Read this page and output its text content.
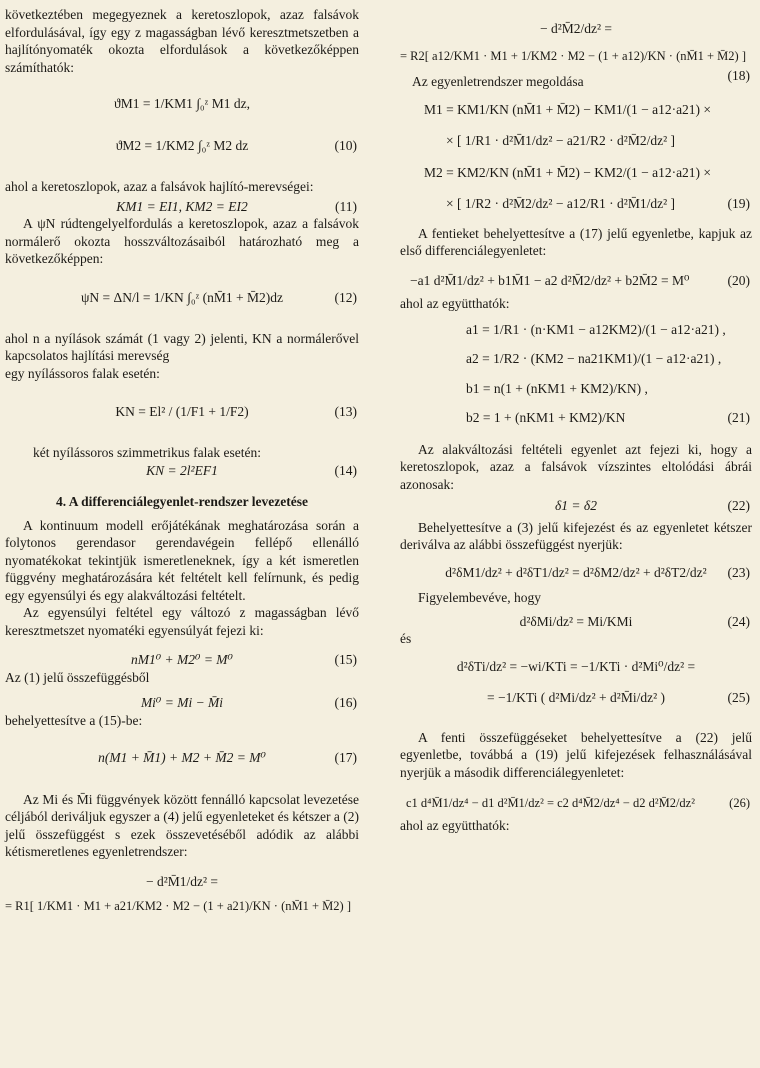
következtében megegyeznek a keretoszlopok, azaz falsávok elfordulásával, így egy z magasságban lévő keresztmetszetben a hajlítónyomaték okozta elfordulások a következőképpen számíthatók:

ϑM1 = 1/KM1 ∫₀ᶻ M1 dz,
ϑM2 = 1/KM2 ∫₀ᶻ M2 dz	(10)

ahol a keretoszlopok, azaz a falsávok hajlító-merevségei:

KM1 = EI1, KM2 = EI2	(11)

A ψN rúdtengelyelfordulás a keretoszlopok, azaz a falsávok normálerő okozta hosszváltozásaiból határozható meg a következőképpen:

ψN = ΔN/l = 1/KN ∫₀ᶻ (nM̄1 + M̄2)dz	(12)

ahol n a nyílások számát (1 vagy 2) jelenti, KN a normálerővel kapcsolatos hajlítási merevség

egy nyílássoros falak esetén:

KN = El² / (1/F1 + 1/F2)	(13)

két nyílássoros szimmetrikus falak esetén:

KN = 2l²EF1	(14)

4. A differenciálegyenlet-rendszer levezetése

A kontinuum modell erőjátékának meghatározása során a folytonos gerendasor gerendavégein fellépő ellenálló nyomatékokat tekintjük ismeretleneknek, így a két ismeretlen függvény meghatározására két feltételt kell felírnunk, és pedig egy egyensúlyi és egy alakváltozási feltételt.

Az egyensúlyi feltétel egy változó z magasságban lévő keresztmetszet nyomatéki egyensúlyát fejezi ki:

nM1⁰ + M2⁰ = M⁰	(15)

Az (1) jelű összefüggésből

Mi⁰ = Mi − M̄i	(16)

behelyettesítve a (15)-be:

n(M1 + M̄1) + M2 + M̄2 = M⁰	(17)

Az Mi és M̄i függvények között fennálló kapcsolat levezetése céljából deriváljuk egyszer a (4) jelű egyenleteket és kétszer a (2) jelű összefüggést s ezek összevetéséből adódik az alábbi kétismeretlenes egyenletrendszer:

− d²M̄1/dz² =
= R1[ 1/KM1 · M1 + a21/KM2 · M2 − (1 + a21)/KN · (nM̄1 + M̄2) ]
− d²M̄2/dz² =
= R2[ a12/KM1 · M1 + 1/KM2 · M2 − (1 + a12)/KN · (nM̄1 + M̄2) ]
Az egyenletrendszer megoldása	(18)
M1 = KM1/KN (nM̄1 + M̄2) − KM1/(1 − a12·a21) ×
× [ 1/R1 · d²M̄1/dz² − a21/R2 · d²M̄2/dz² ]
M2 = KM2/KN (nM̄1 + M̄2) − KM2/(1 − a12·a21) ×
× [ 1/R2 · d²M̄2/dz² − a12/R1 · d²M̄1/dz² ]	(19)

A fentieket behelyettesítve a (17) jelű egyenletbe, kapjuk az első differenciálegyenletet:

−a1 d²M̄1/dz² + b1M̄1 − a2 d²M̄2/dz² + b2M̄2 = M⁰	(20)

ahol az együtthatók:

a1 = 1/R1 · (n·KM1 − a12KM2)/(1 − a12·a21) ,
a2 = 1/R2 · (KM2 − na21KM1)/(1 − a12·a21) ,
b1 = n(1 + (nKM1 + KM2)/KN) ,
b2 = 1 + (nKM1 + KM2)/KN	(21)

Az alakváltozási feltételi egyenlet azt fejezi ki, hogy a keretoszlopok, azaz a falsávok vízszintes eltolódási ábrái azonosak:

δ1 = δ2	(22)

Behelyettesítve a (3) jelű kifejezést és az egyenletet kétszer deriválva az alábbi összefüggést nyerjük:

d²δM1/dz² + d²δT1/dz² = d²δM2/dz² + d²δT2/dz² (23)

Figyelembevéve, hogy

d²δMi/dz² = Mi/KMi	(24)

és

d²δTi/dz² = −wi/KTi = −1/KTi · d²Mi⁰/dz² =
= −1/KTi ( d²Mi/dz² + d²M̄i/dz² )	(25)

A fenti összefüggéseket behelyettesítve a (22) jelű egyenletbe, továbbá a (19) jelű kifejezések felhasználásával nyerjük a második differenciálegyenletet:

c1 d⁴M̄1/dz⁴ − d1 d²M̄1/dz² = c2 d⁴M̄2/dz⁴ − d2 d²M̄2/dz²	(26)

ahol az együtthatók:
